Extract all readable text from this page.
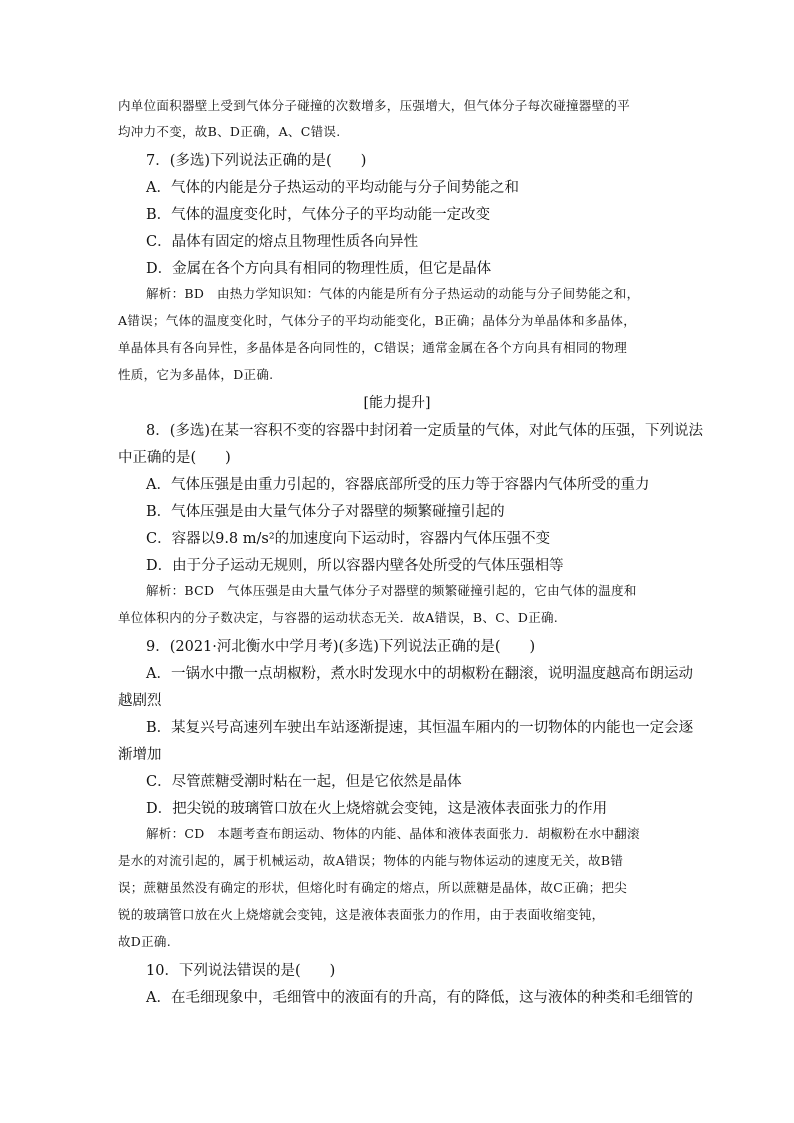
内单位面积器壁上受到气体分子碰撞的次数增多，压强增大，但气体分子每次碰撞器壁的平
均冲力不变，故B、D正确，A、C错误.
7．(多选)下列说法正确的是(　　)
A．气体的内能是分子热运动的平均动能与分子间势能之和
B．气体的温度变化时，气体分子的平均动能一定改变
C．晶体有固定的熔点且物理性质各向异性
D．金属在各个方向具有相同的物理性质，但它是晶体
解析：BD　由热力学知识知：气体的内能是所有分子热运动的动能与分子间势能之和，
A错误；气体的温度变化时，气体分子的平均动能变化，B正确；晶体分为单晶体和多晶体，
单晶体具有各向异性，多晶体是各向同性的，C错误；通常金属在各个方向具有相同的物理
性质，它为多晶体，D正确.
[能力提升]
8．(多选)在某一容积不变的容器中封闭着一定质量的气体，对此气体的压强，下列说法
中正确的是(　　)
A．气体压强是由重力引起的，容器底部所受的压力等于容器内气体所受的重力
B．气体压强是由大量气体分子对器壁的频繁碰撞引起的
C．容器以9.8 m/s²的加速度向下运动时，容器内气体压强不变
D．由于分子运动无规则，所以容器内壁各处所受的气体压强相等
解析：BCD　气体压强是由大量气体分子对器壁的频繁碰撞引起的，它由气体的温度和
单位体积内的分子数决定，与容器的运动状态无关．故A错误，B、C、D正确.
9．(2021·河北衡水中学月考)(多选)下列说法正确的是(　　)
A．一锅水中撒一点胡椒粉，煮水时发现水中的胡椒粉在翻滚，说明温度越高布朗运动
越剧烈
B．某复兴号高速列车驶出车站逐渐提速，其恒温车厢内的一切物体的内能也一定会逐
渐增加
C．尽管蔗糖受潮时粘在一起，但是它依然是晶体
D．把尖锐的玻璃管口放在火上烧熔就会变钝，这是液体表面张力的作用
解析：CD　本题考查布朗运动、物体的内能、晶体和液体表面张力．胡椒粉在水中翻滚
是水的对流引起的，属于机械运动，故A错误；物体的内能与物体运动的速度无关，故B错
误；蔗糖虽然没有确定的形状，但熔化时有确定的熔点，所以蔗糖是晶体，故C正确；把尖
锐的玻璃管口放在火上烧熔就会变钝，这是液体表面张力的作用，由于表面收缩变钝，
故D正确.
10．下列说法错误的是(　　)
A．在毛细现象中，毛细管中的液面有的升高，有的降低，这与液体的种类和毛细管的
